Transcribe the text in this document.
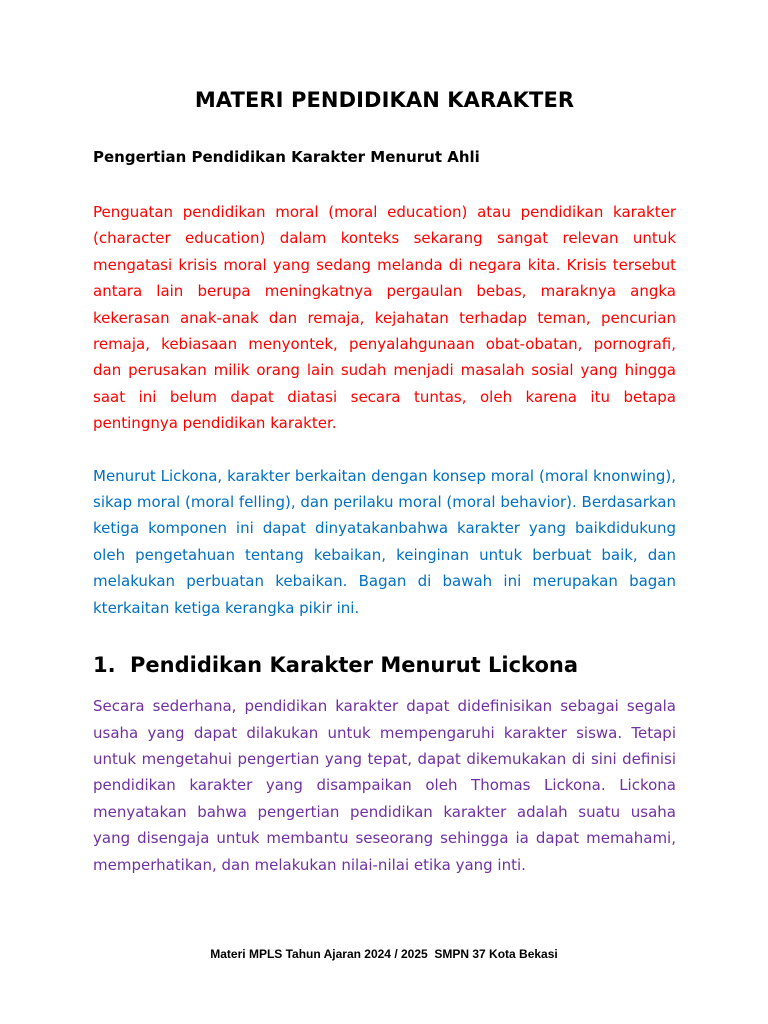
MATERI PENDIDIKAN KARAKTER
Pengertian Pendidikan Karakter Menurut Ahli

Penguatan pendidikan moral (moral education) atau pendidikan karakter (character education) dalam konteks sekarang sangat relevan untuk mengatasi krisis moral yang sedang melanda di negara kita. Krisis tersebut antara lain berupa meningkatnya pergaulan bebas, maraknya angka kekerasan anak-anak dan remaja, kejahatan terhadap teman, pencurian remaja, kebiasaan menyontek, penyalahgunaan obat-obatan, pornografi, dan perusakan milik orang lain sudah menjadi masalah sosial yang hingga saat ini belum dapat diatasi secara tuntas, oleh karena itu betapa pentingnya pendidikan karakter.

Menurut Lickona, karakter berkaitan dengan konsep moral (moral knonwing), sikap moral (moral felling), dan perilaku moral (moral behavior). Berdasarkan ketiga komponen ini dapat dinyatakanbahwa karakter yang baikdidukung oleh pengetahuan tentang kebaikan, keinginan untuk berbuat baik, dan melakukan perbuatan kebaikan. Bagan di bawah ini merupakan bagan kterkaitan ketiga kerangka pikir ini.

1. Pendidikan Karakter Menurut Lickona

Secara sederhana, pendidikan karakter dapat didefinisikan sebagai segala usaha yang dapat dilakukan untuk mempengaruhi karakter siswa. Tetapi untuk mengetahui pengertian yang tepat, dapat dikemukakan di sini definisi pendidikan karakter yang disampaikan oleh Thomas Lickona. Lickona menyatakan bahwa pengertian pendidikan karakter adalah suatu usaha yang disengaja untuk membantu seseorang sehingga ia dapat memahami, memperhatikan, dan melakukan nilai-nilai etika yang inti.

Materi MPLS Tahun Ajaran 2024 / 2025  SMPN 37 Kota Bekasi
